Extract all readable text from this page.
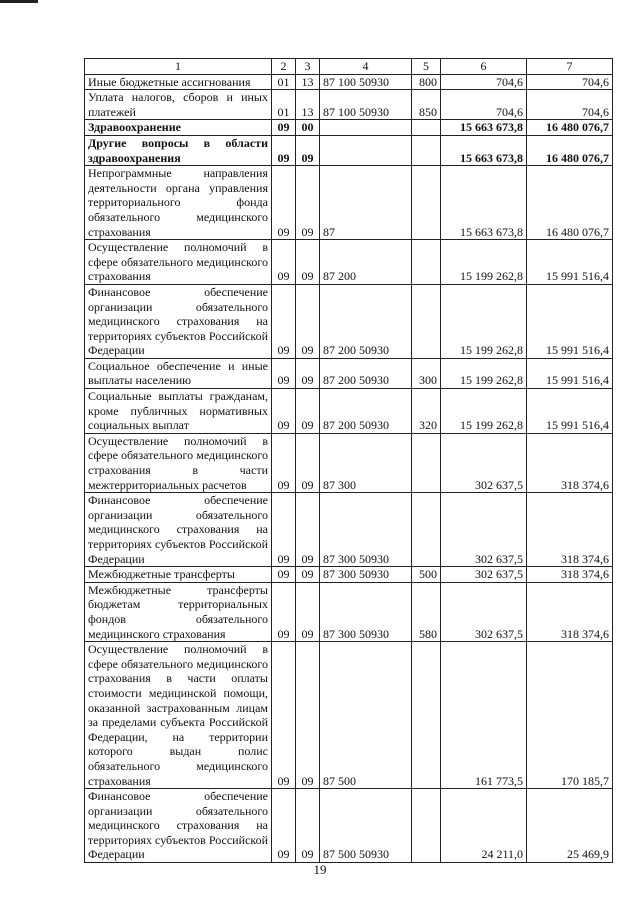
1	2	3	4	5	6	7
Иные бюджетные ассигнования	01	13	87 100 50930	800	704,6	704,6
Уплата налогов, сборов и иных платежей	01	13	87 100 50930	850	704,6	704,6
Здравоохранение	09	00			15 663 673,8	16 480 076,7
Другие вопросы в области здравоохранения	09	09			15 663 673,8	16 480 076,7
Непрограммные направления деятельности органа управления территориального фонда обязательного медицинского страхования	09	09	87		15 663 673,8	16 480 076,7
Осуществление полномочий в сфере обязательного медицинского страхования	09	09	87 200		15 199 262,8	15 991 516,4
Финансовое обеспечение организации обязательного медицинского страхования на территориях субъектов Российской Федерации	09	09	87 200 50930		15 199 262,8	15 991 516,4
Социальное обеспечение и иные выплаты населению	09	09	87 200 50930	300	15 199 262,8	15 991 516,4
Социальные выплаты гражданам, кроме публичных нормативных социальных выплат	09	09	87 200 50930	320	15 199 262,8	15 991 516,4
Осуществление полномочий в сфере обязательного медицинского страхования в части межтерриториальных расчетов	09	09	87 300		302 637,5	318 374,6
Финансовое обеспечение организации обязательного медицинского страхования на территориях субъектов Российской Федерации	09	09	87 300 50930		302 637,5	318 374,6
Межбюджетные трансферты	09	09	87 300 50930	500	302 637,5	318 374,6
Межбюджетные трансферты бюджетам территориальных фондов обязательного медицинского страхования	09	09	87 300 50930	580	302 637,5	318 374,6
Осуществление полномочий в сфере обязательного медицинского страхования в части оплаты стоимости медицинской помощи, оказанной застрахованным лицам за пределами субъекта Российской Федерации, на территории которого выдан полис обязательного медицинского страхования	09	09	87 500		161 773,5	170 185,7
Финансовое обеспечение организации обязательного медицинского страхования на территориях субъектов Российской Федерации	09	09	87 500 50930		24 211,0	25 469,9
19
